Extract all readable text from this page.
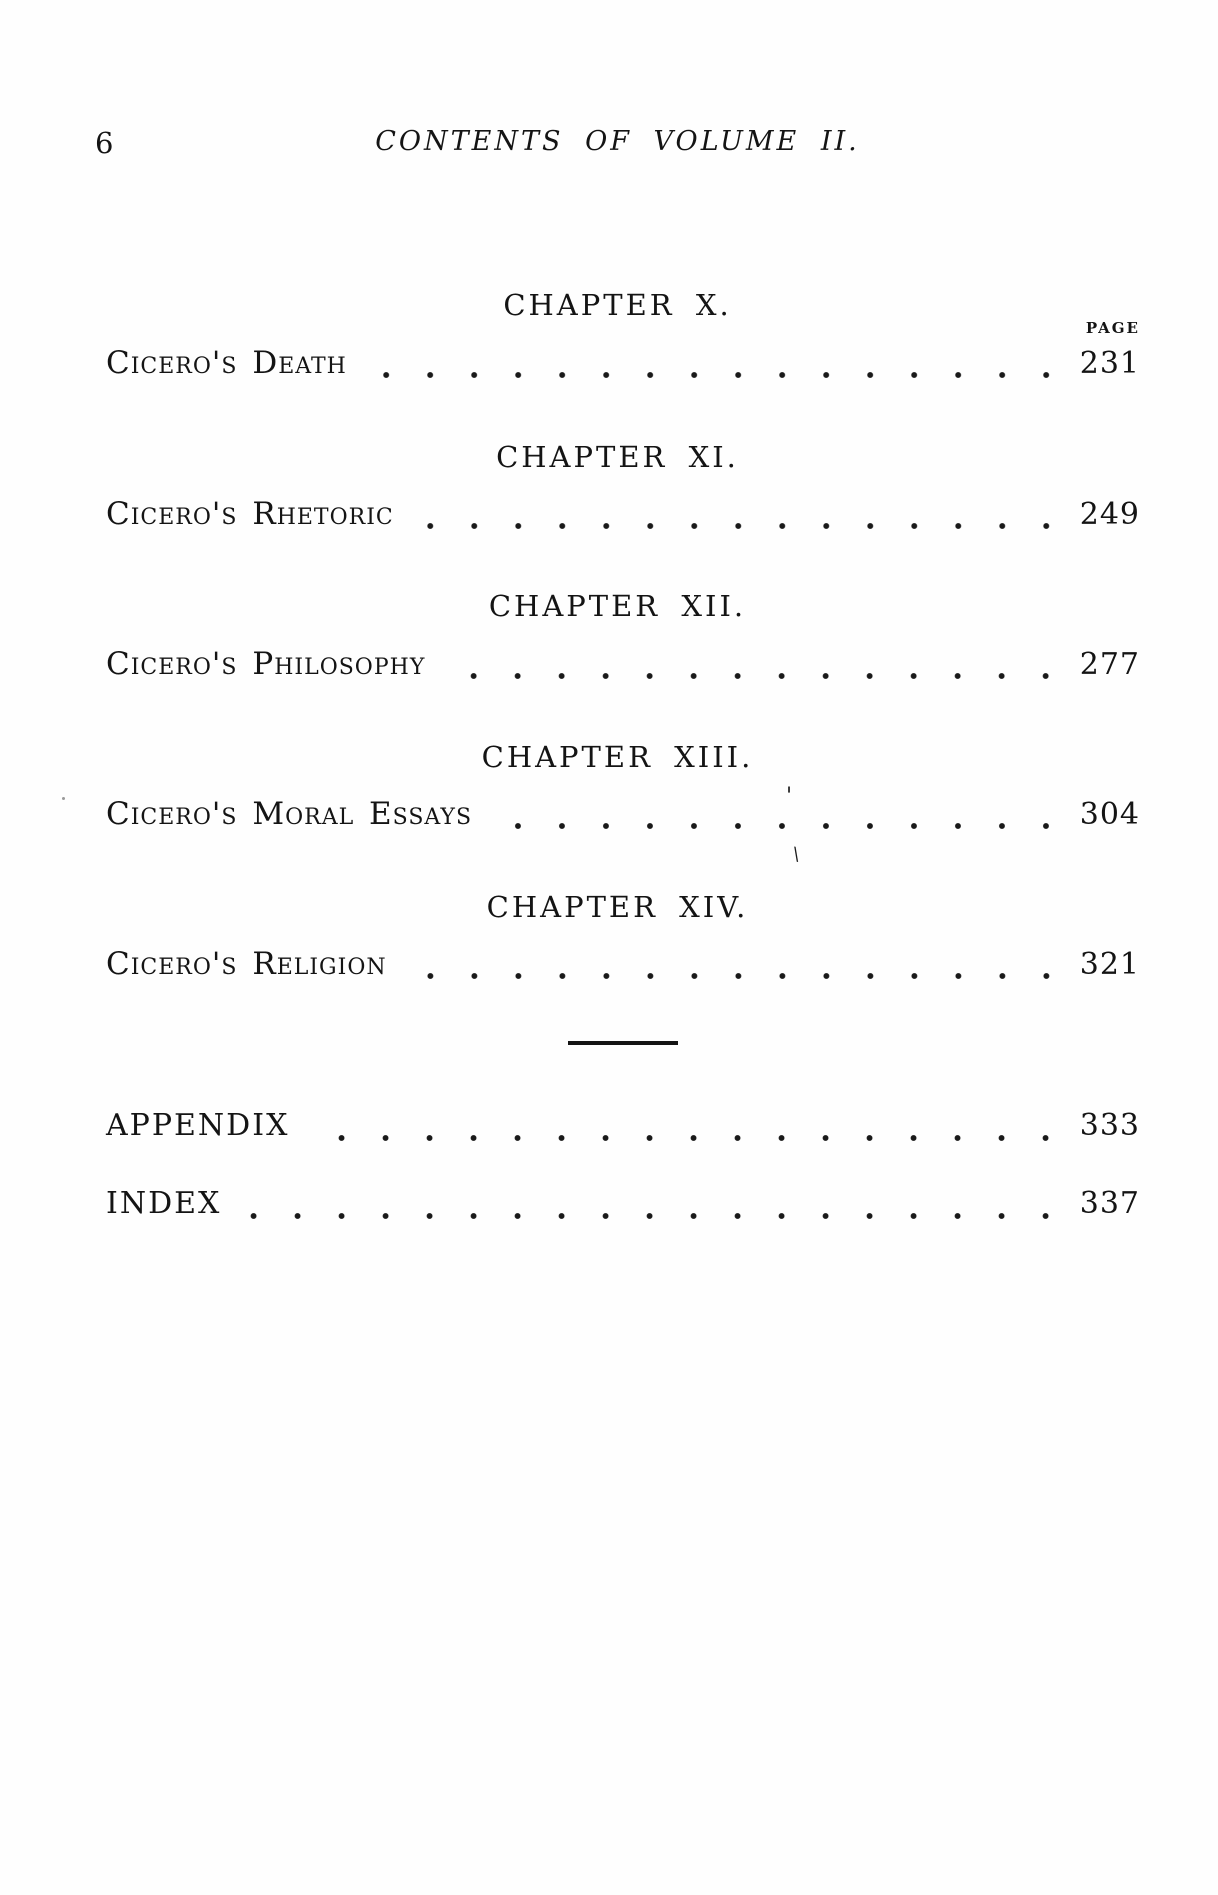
6	CONTENTS OF VOLUME II.
CHAPTER X.
PAGE
Cicero's Death	231
CHAPTER XI.
Cicero's Rhetoric	249
CHAPTER XII.
Cicero's Philosophy	277
CHAPTER XIII.
Cicero's Moral Essays	304
'
\
CHAPTER XIV.
Cicero's Religion	321
APPENDIX	333
INDEX	337
